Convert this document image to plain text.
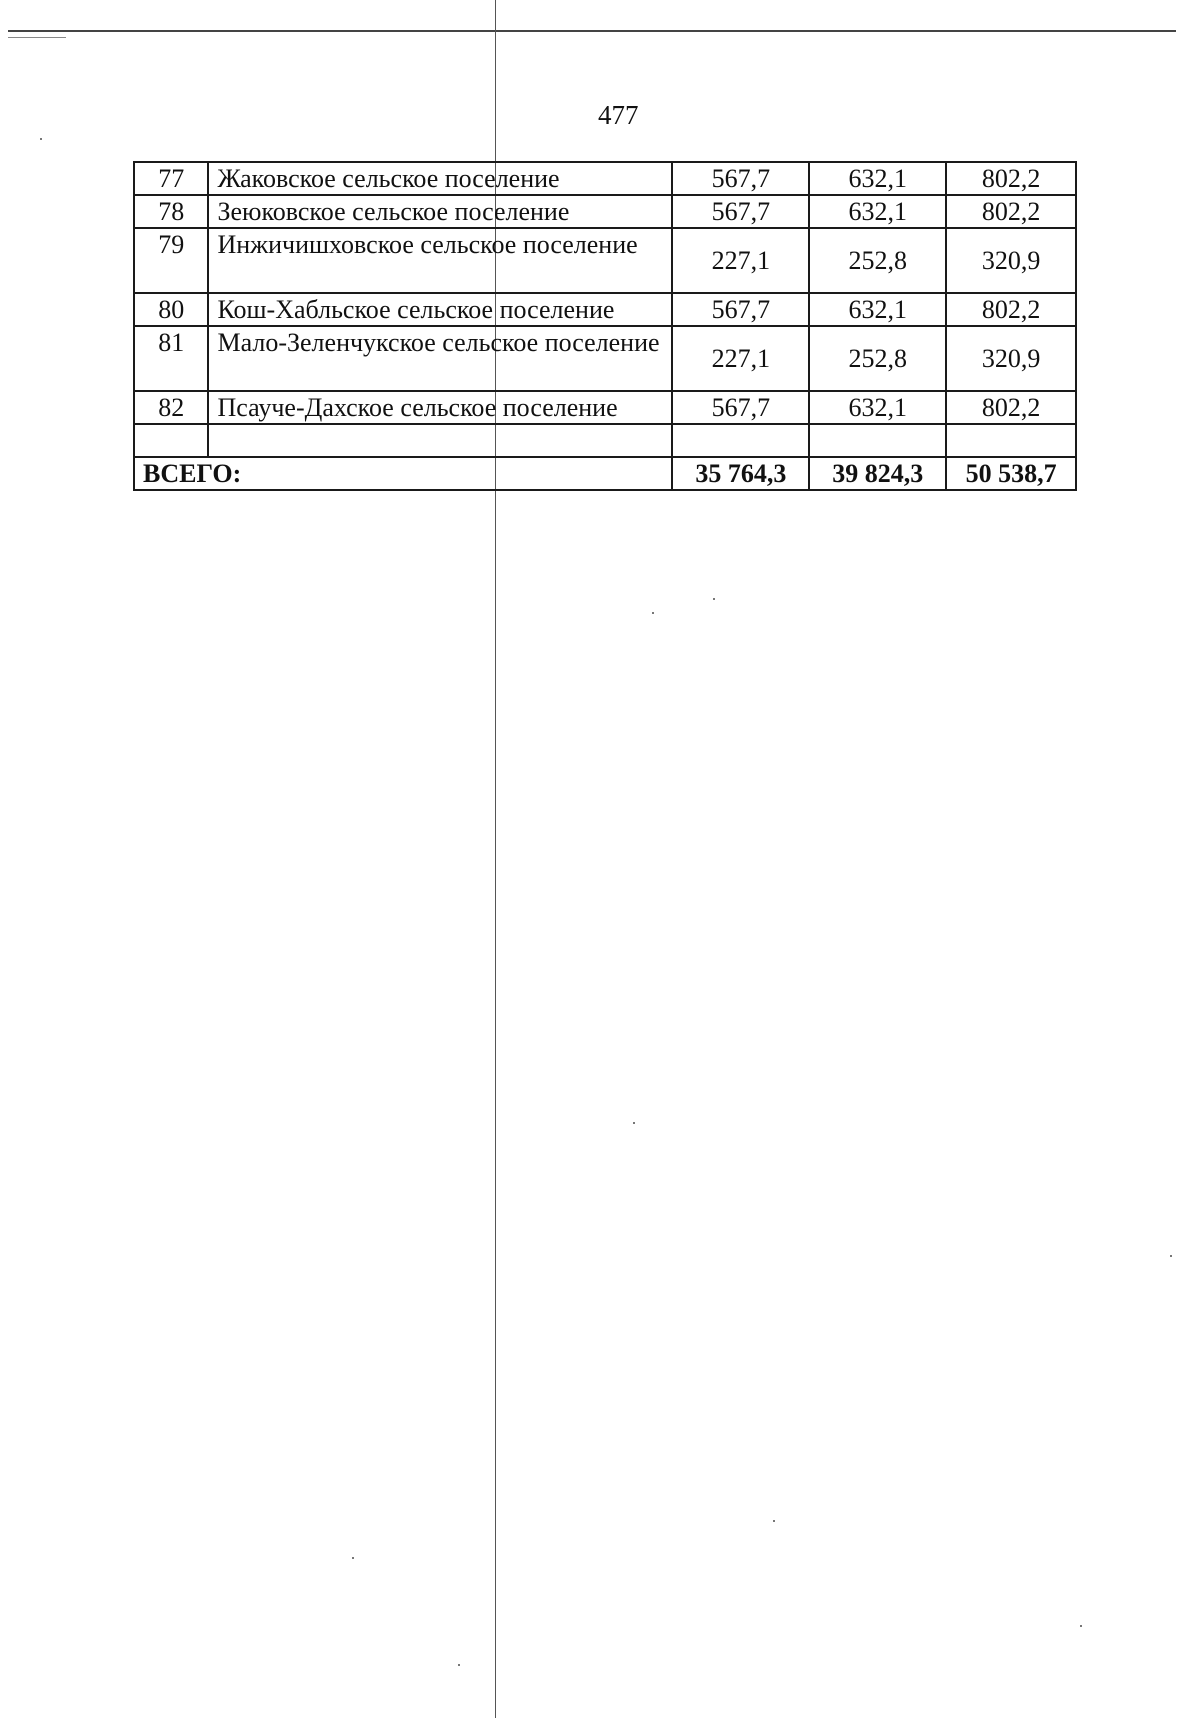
477
77	Жаковское сельское поселение	567,7	632,1	802,2
78	Зеюковское сельское поселение	567,7	632,1	802,2
79	Инжичишховское сельское поселение	227,1	252,8	320,9
80	Кош-Хабльское сельское поселение	567,7	632,1	802,2
81	Мало-Зеленчукское сельское поселение	227,1	252,8	320,9
82	Псауче-Дахское сельское поселение	567,7	632,1	802,2

ВСЕГО:		35 764,3	39 824,3	50 538,7
